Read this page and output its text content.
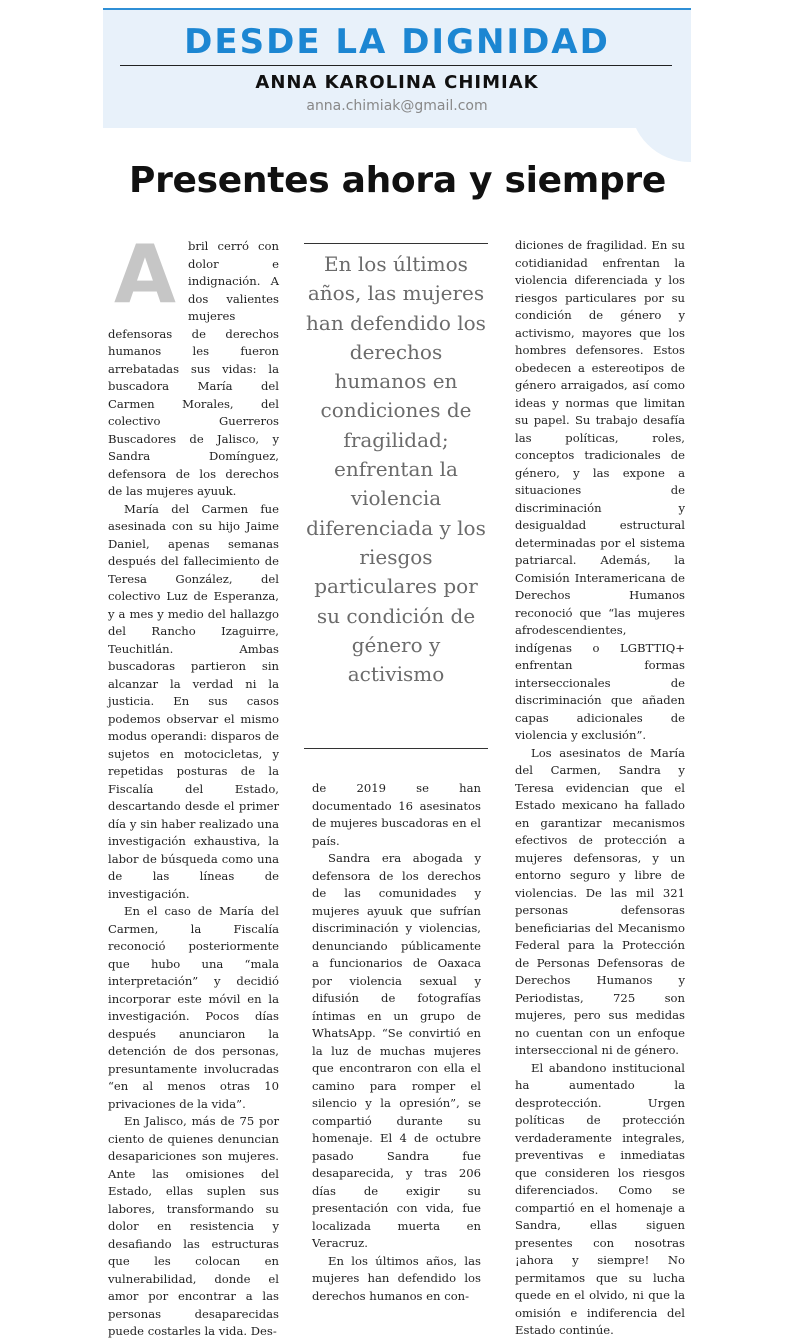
DESDE LA DIGNIDAD
ANNA KAROLINA CHIMIAK
anna.chimiak@gmail.com
Presentes ahora y siempre
A	bril cerró con dolor e indignación. A dos valientes mujeres defensoras de derechos humanos les fueron arrebatadas sus vidas: la buscadora María del Carmen Morales, del colectivo Guerreros Buscadores de Jalisco, y Sandra Domínguez, defensora de los derechos de las mujeres ayuuk.

María del Carmen fue asesinada con su hijo Jaime Daniel, apenas semanas después del fallecimiento de Teresa González, del colectivo Luz de Esperanza, y a mes y medio del hallazgo del Rancho Izaguirre, Teuchitlán. Ambas buscadoras partieron sin alcanzar la verdad ni la justicia. En sus casos podemos observar el mismo modus operandi: disparos de sujetos en motocicletas, y repetidas posturas de la Fiscalía del Estado, descartando desde el primer día y sin haber realizado una investigación exhaustiva, la labor de búsqueda como una de las líneas de investigación.

En el caso de María del Carmen, la Fiscalía reconoció posteriormente que hubo una “mala interpretación” y decidió incorporar este móvil en la investigación. Pocos días después anunciaron la detención de dos personas, presuntamente involucradas “en al menos otras 10 privaciones de la vida”.

En Jalisco, más de 75 por ciento de quienes denuncian desapariciones son mujeres. Ante las omisiones del Estado, ellas suplen sus labores, transformando su dolor en resistencia y desafiando las estructuras que les colocan en vulnerabilidad, donde el amor por encontrar a las personas desaparecidas puede costarles la vida. Des-

En los últimos años, las mujeres han defendido los derechos humanos en condiciones de fragilidad; enfrentan la violencia diferenciada y los riesgos particulares por su condición de género y activismo

de 2019 se han documentado 16 asesinatos de mujeres buscadoras en el país.

Sandra era abogada y defensora de los derechos de las comunidades y mujeres ayuuk que sufrían discriminación y violencias, denunciando públicamente a funcionarios de Oaxaca por violencia sexual y difusión de fotografías íntimas en un grupo de WhatsApp. “Se convirtió en la luz de muchas mujeres que encontraron con ella el camino para romper el silencio y la opresión”, se compartió durante su homenaje. El 4 de octubre pasado Sandra fue desaparecida, y tras 206 días de exigir su presentación con vida, fue localizada muerta en Veracruz.

En los últimos años, las mujeres han defendido los derechos humanos en con-

diciones de fragilidad. En su cotidianidad enfrentan la violencia diferenciada y los riesgos particulares por su condición de género y activismo, mayores que los hombres defensores. Estos obedecen a estereotipos de género arraigados, así como ideas y normas que limitan su papel. Su trabajo desafía las políticas, roles, conceptos tradicionales de género, y las expone a situaciones de discriminación y desigualdad estructural determinadas por el sistema patriarcal. Además, la Comisión Interamericana de Derechos Humanos reconoció que “las mujeres afrodescendientes, indígenas o LGBTTIQ+ enfrentan formas interseccionales de discriminación que añaden capas adicionales de violencia y exclusión”.

Los asesinatos de María del Carmen, Sandra y Teresa evidencian que el Estado mexicano ha fallado en garantizar mecanismos efectivos de protección a mujeres defensoras, y un entorno seguro y libre de violencias. De las mil 321 personas defensoras beneficiarias del Mecanismo Federal para la Protección de Personas Defensoras de Derechos Humanos y Periodistas, 725 son mujeres, pero sus medidas no cuentan con un enfoque interseccional ni de género.

El abandono institucional ha aumentado la desprotección. Urgen políticas de protección verdaderamente integrales, preventivas e inmediatas que consideren los riesgos diferenciados. Como se compartió en el homenaje a Sandra, ellas siguen presentes con nosotras ¡ahora y siempre! No permitamos que su lucha quede en el olvido, ni que la omisión e indiferencia del Estado continúe.
